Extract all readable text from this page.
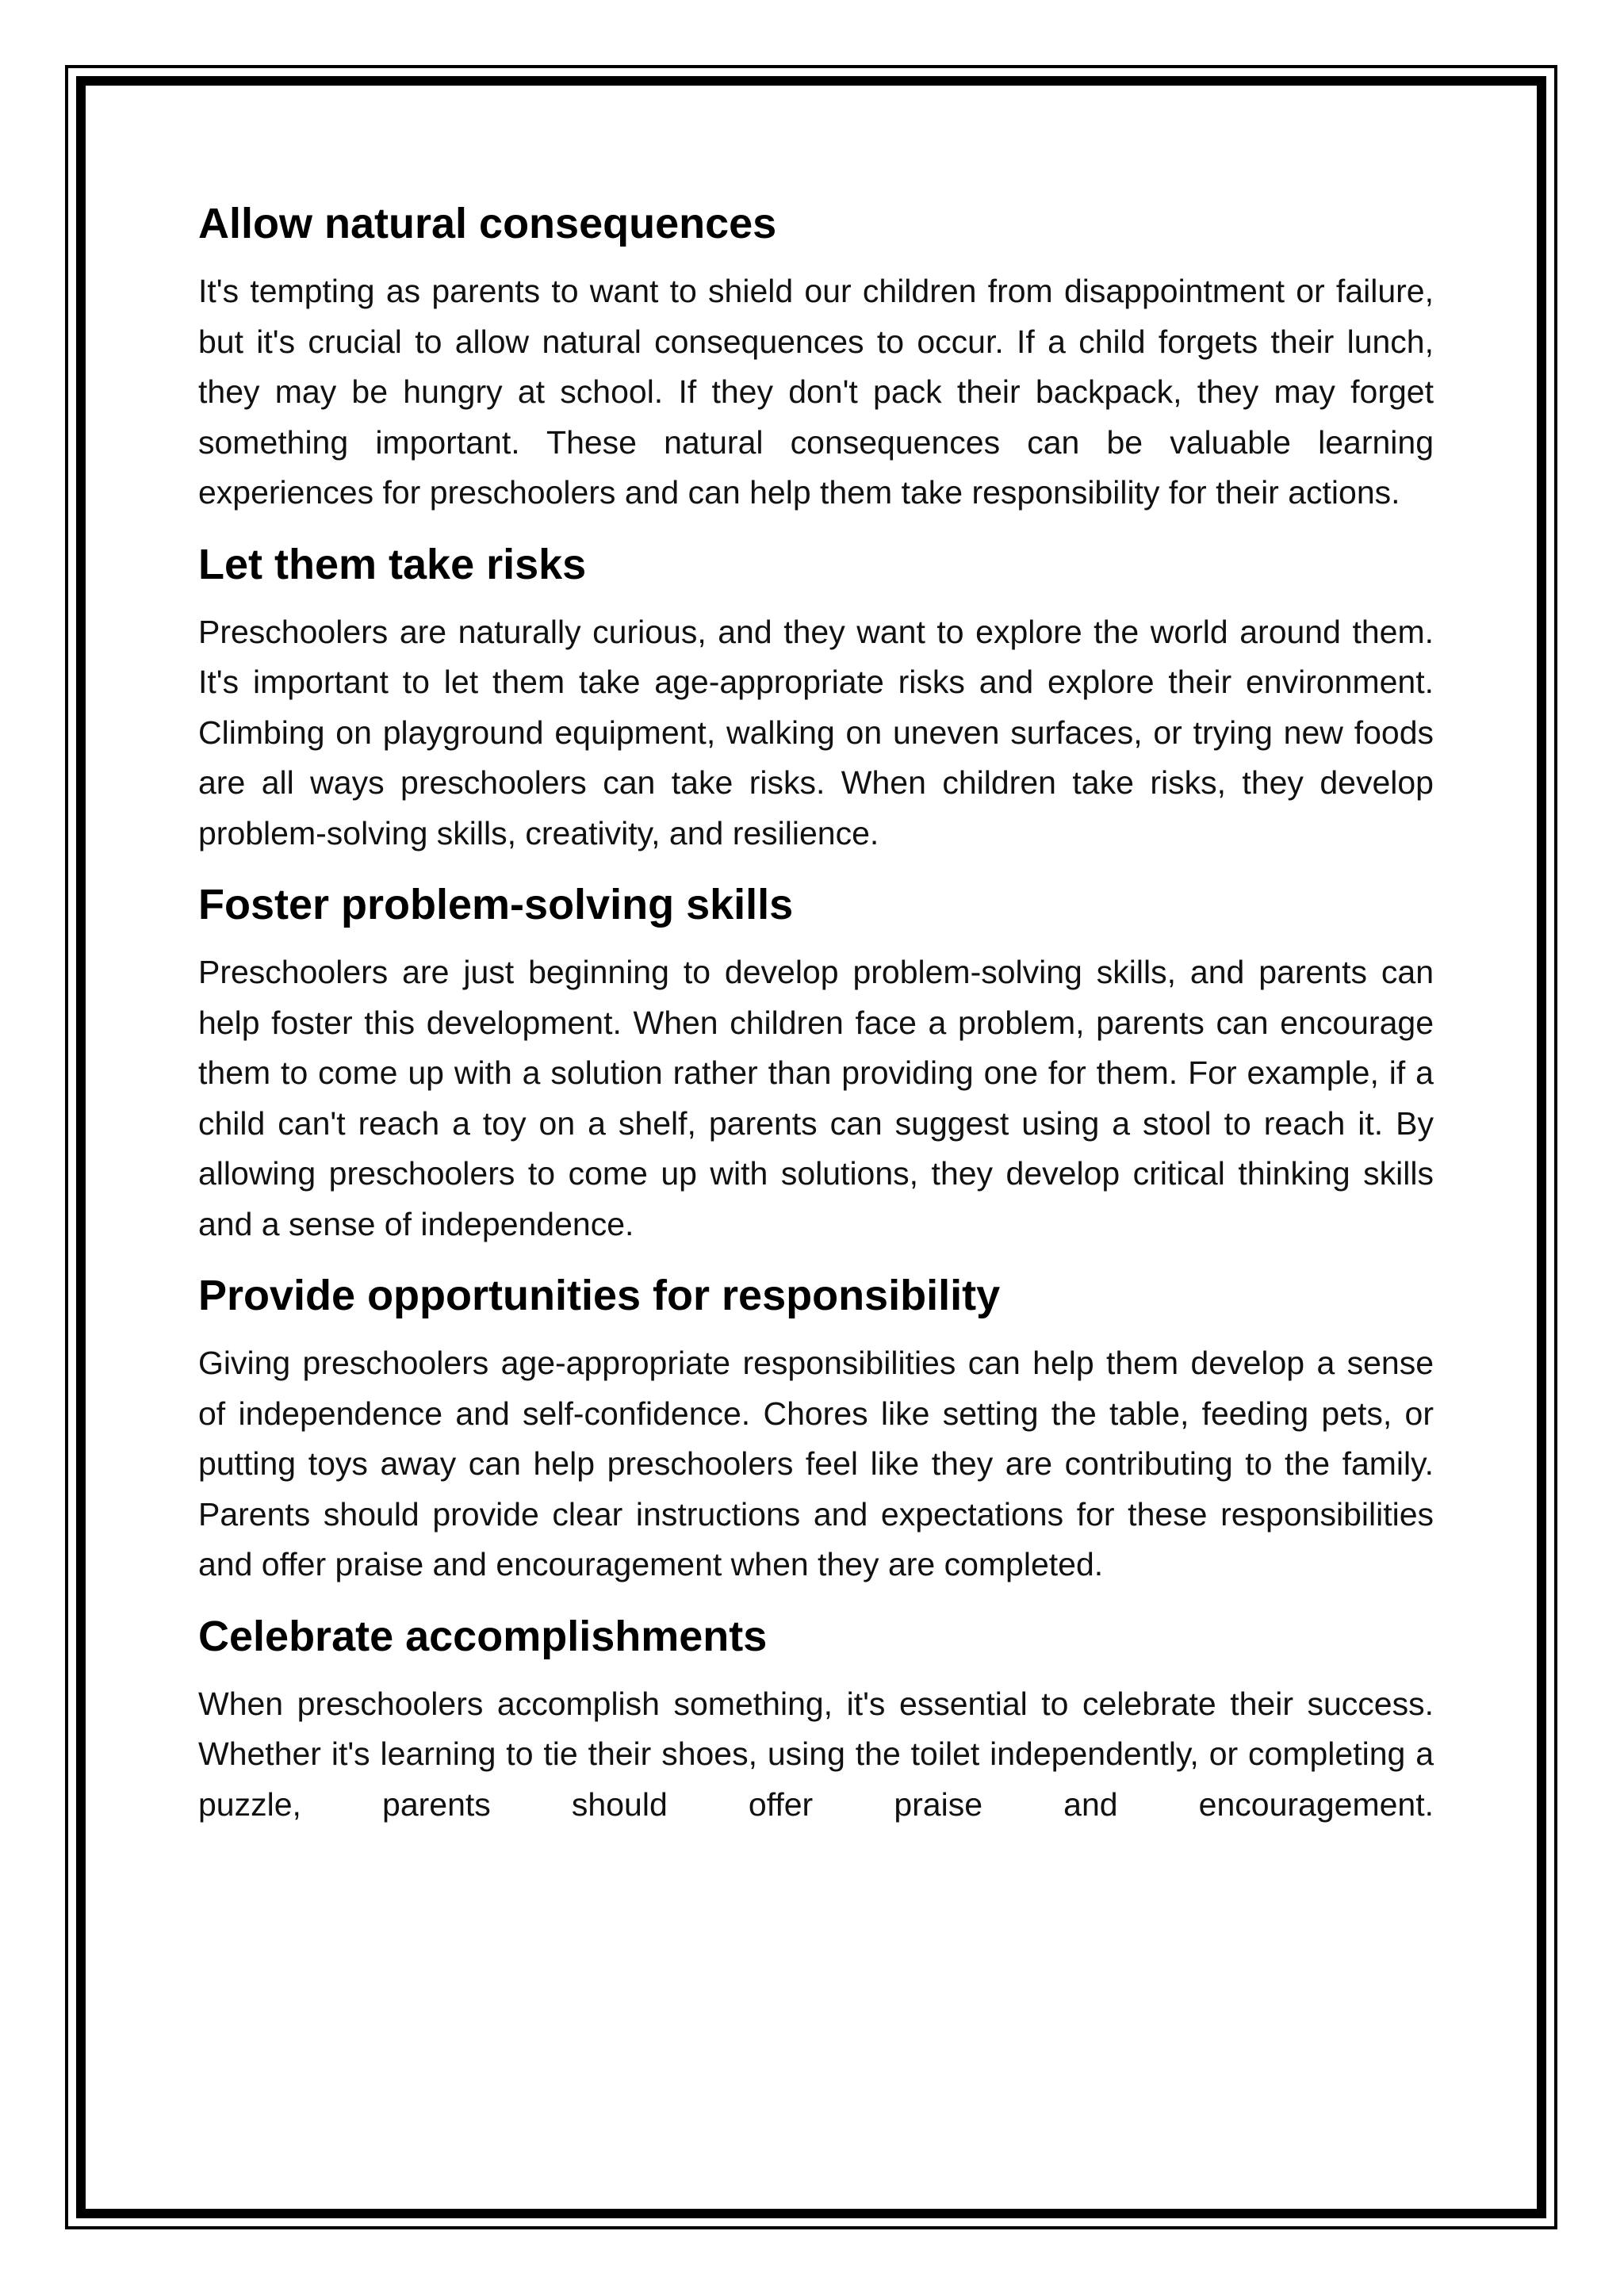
Allow natural consequences

It's tempting as parents to want to shield our children from disappointment or failure, but it's crucial to allow natural consequences to occur. If a child forgets their lunch, they may be hungry at school. If they don't pack their backpack, they may forget something important. These natural consequences can be valuable learning experiences for preschoolers and can help them take responsibility for their actions.

Let them take risks

Preschoolers are naturally curious, and they want to explore the world around them. It's important to let them take age-appropriate risks and explore their environment. Climbing on playground equipment, walking on uneven surfaces, or trying new foods are all ways preschoolers can take risks. When children take risks, they develop problem-solving skills, creativity, and resilience.

Foster problem-solving skills

Preschoolers are just beginning to develop problem-solving skills, and parents can help foster this development. When children face a problem, parents can encourage them to come up with a solution rather than providing one for them. For example, if a child can't reach a toy on a shelf, parents can suggest using a stool to reach it. By allowing preschoolers to come up with solutions, they develop critical thinking skills and a sense of independence.

Provide opportunities for responsibility

Giving preschoolers age-appropriate responsibilities can help them develop a sense of independence and self-confidence. Chores like setting the table, feeding pets, or putting toys away can help preschoolers feel like they are contributing to the family. Parents should provide clear instructions and expectations for these responsibilities and offer praise and encouragement when they are completed.

Celebrate accomplishments

When preschoolers accomplish something, it's essential to celebrate their success. Whether it's learning to tie their shoes, using the toilet independently, or completing a puzzle, parents should offer praise and encouragement.
